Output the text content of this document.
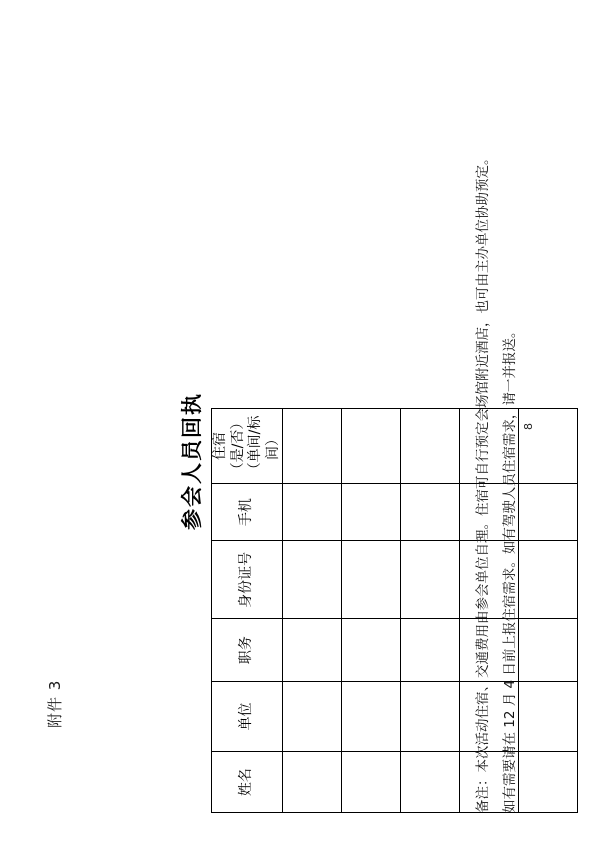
附件 3
参会人员回执
姓名	单位	职务	身份证号	手机	住宿 （是/否） （单间/标间）

						备注：本次活动住宿、交通费用由参会单位自理。住宿可自行预定会场馆附近酒店，也可由主办单位协助预定。 如有需要请在 12 月 4 日前上报住宿需求。如有驾驶人员住宿需求，请一并报送。 8
